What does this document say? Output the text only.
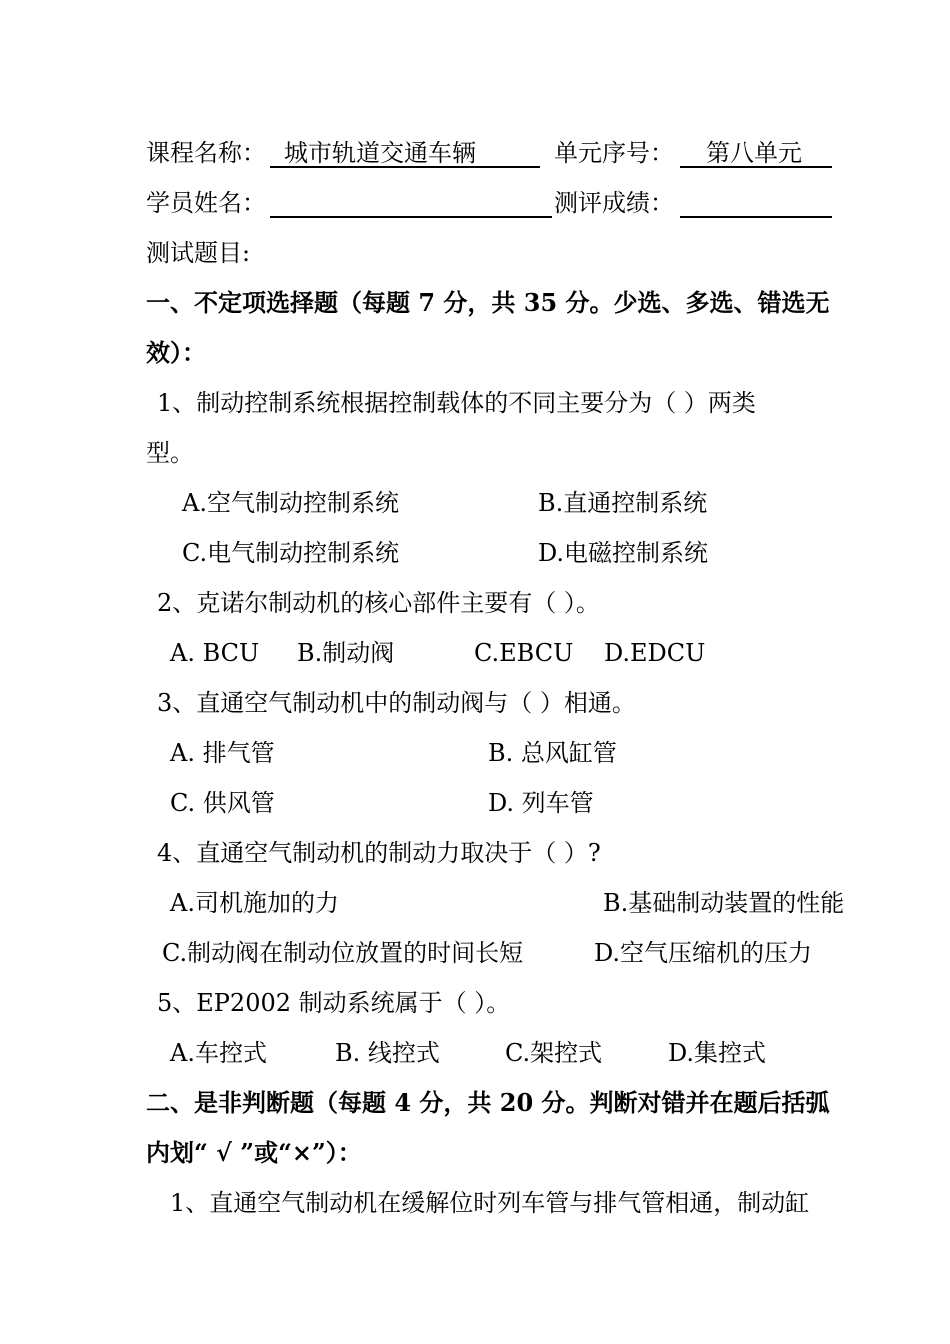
课程名称： 城市轨道交通车辆	单元序号： 第八单元
学员姓名：	测评成绩：
测试题目:
一、不定项选择题（每题 7 分，共 35 分。少选、多选、错选无
效）：
1、制动控制系统根据控制载体的不同主要分为（ ）两类
型。
A.空气制动控制系统	B.直通控制系统
C.电气制动控制系统	D.电磁控制系统
2、克诺尔制动机的核心部件主要有（ ）。
A. BCU B.制动阀	C.EBCU D.EDCU
3、直通空气制动机中的制动阀与（ ）相通。
A. 排气管	B. 总风缸管
C. 供风管	D. 列车管
4、直通空气制动机的制动力取决于（ ）?
A.司机施加的力	B.基础制动装置的性能
C.制动阀在制动位放置的时间长短	D.空气压缩机的压力
5、EP2002 制动系统属于（ ）。
A.车控式	B. 线控式	C.架控式	D.集控式
二、是非判断题（每题 4 分，共 20 分。判断对错并在题后括弧
内划“ √ ”或“×”）：
1、直通空气制动机在缓解位时列车管与排气管相通，制动缸
